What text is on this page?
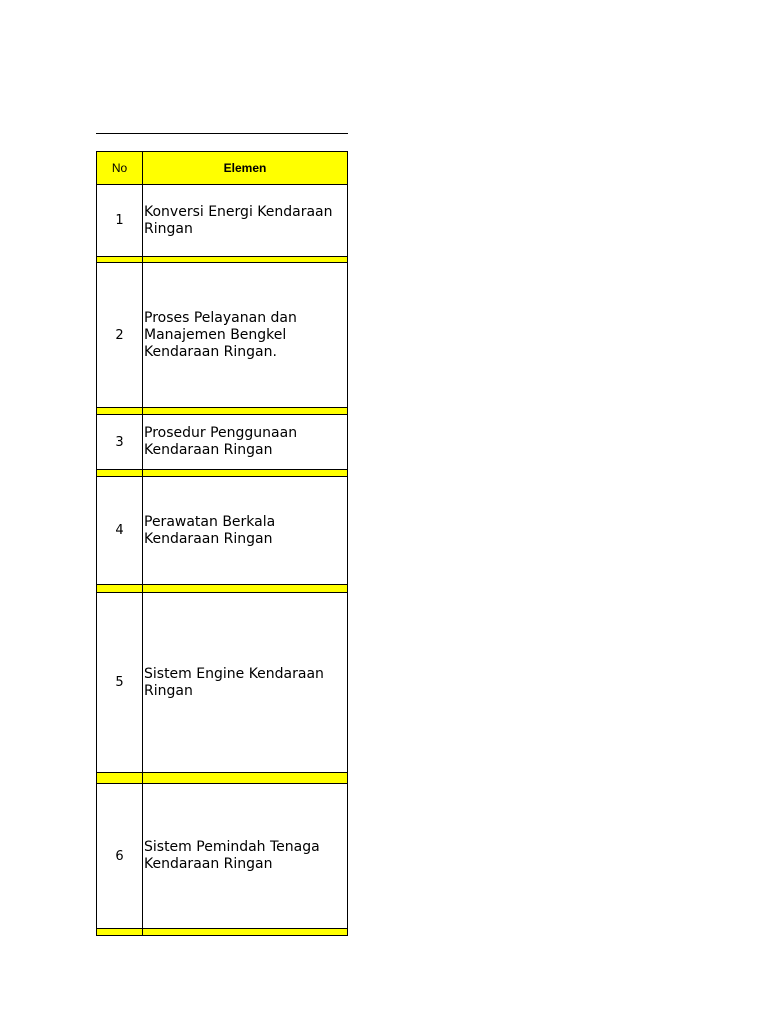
No	Elemen
1	Konversi Energi Kendaraan Ringan

2	Proses Pelayanan dan Manajemen Bengkel Kendaraan Ringan.

3	Prosedur Penggunaan Kendaraan Ringan

4	Perawatan Berkala Kendaraan Ringan

5	Sistem Engine Kendaraan Ringan

6	Sistem Pemindah Tenaga Kendaraan Ringan
